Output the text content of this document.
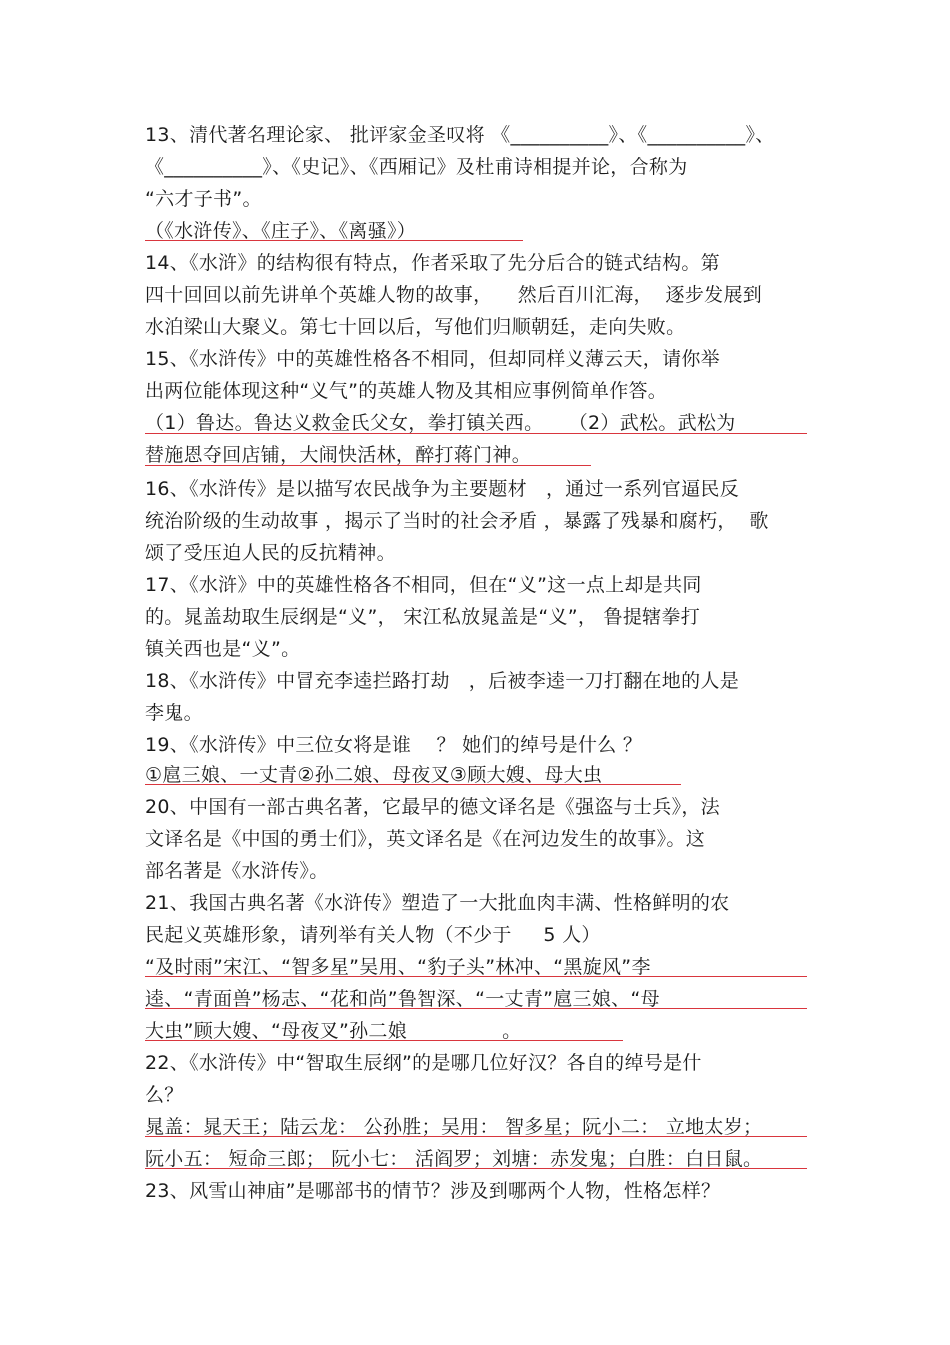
13、清代著名理论家、 批评家金圣叹将 《__________》、《__________》、
《__________》、《史记》、《西厢记》及杜甫诗相提并论，合称为
“六才子书”。
（《水浒传》、《庄子》、《离骚》）
14、《水浒》的结构很有特点，作者采取了先分后合的链式结构。第
四十回回以前先讲单个英雄人物的故事，    然后百川汇海，  逐步发展到
水泊梁山大聚义。第七十回以后，写他们归顺朝廷，走向失败。
15、《水浒传》中的英雄性格各不相同，但却同样义薄云天，请你举
出两位能体现这种“义气”的英雄人物及其相应事例简单作答。
（1）鲁达。鲁达义救金氏父女，拳打镇关西。    （2）武松。武松为
替施恩夺回店铺，大闹快活林，醉打蒋门神。
16、《水浒传》是以描写农民战争为主要题材   ，通过一系列官逼民反
统治阶级的生动故事 ，揭示了当时的社会矛盾 ，暴露了残暴和腐朽，  歌
颂了受压迫人民的反抗精神。
17、《水浒》中的英雄性格各不相同，但在“义”这一点上却是共同
的。晁盖劫取生辰纲是“义”， 宋江私放晁盖是“义”， 鲁提辖拳打
镇关西也是“义”。
18、《水浒传》中冒充李逵拦路打劫   ，后被李逵一刀打翻在地的人是
李鬼。
19、《水浒传》中三位女将是谁    ？ 她们的绰号是什么 ？
①扈三娘、一丈青②孙二娘、母夜叉③顾大嫂、母大虫
20、中国有一部古典名著，它最早的德文译名是《强盗与士兵》，法
文译名是《中国的勇士们》，英文译名是《在河边发生的故事》。这
部名著是《水浒传》。
21、我国古典名著《水浒传》塑造了一大批血肉丰满、性格鲜明的农
民起义英雄形象，请列举有关人物（不少于     5 人）
“及时雨”宋江、“智多星”吴用、“豹子头”林冲、“黑旋风”李
逵、“青面兽”杨志、“花和尚”鲁智深、“一丈青”扈三娘、“母
大虫”顾大嫂、“母夜叉”孙二娘               。
22、《水浒传》中“智取生辰纲”的是哪几位好汉？各自的绰号是什
么？
晁盖：晁天王；陆云龙： 公孙胜；吴用： 智多星；阮小二： 立地太岁；
阮小五： 短命三郎； 阮小七： 活阎罗；刘塘：赤发鬼；白胜：白日鼠。
23、风雪山神庙”是哪部书的情节？涉及到哪两个人物，性格怎样？
